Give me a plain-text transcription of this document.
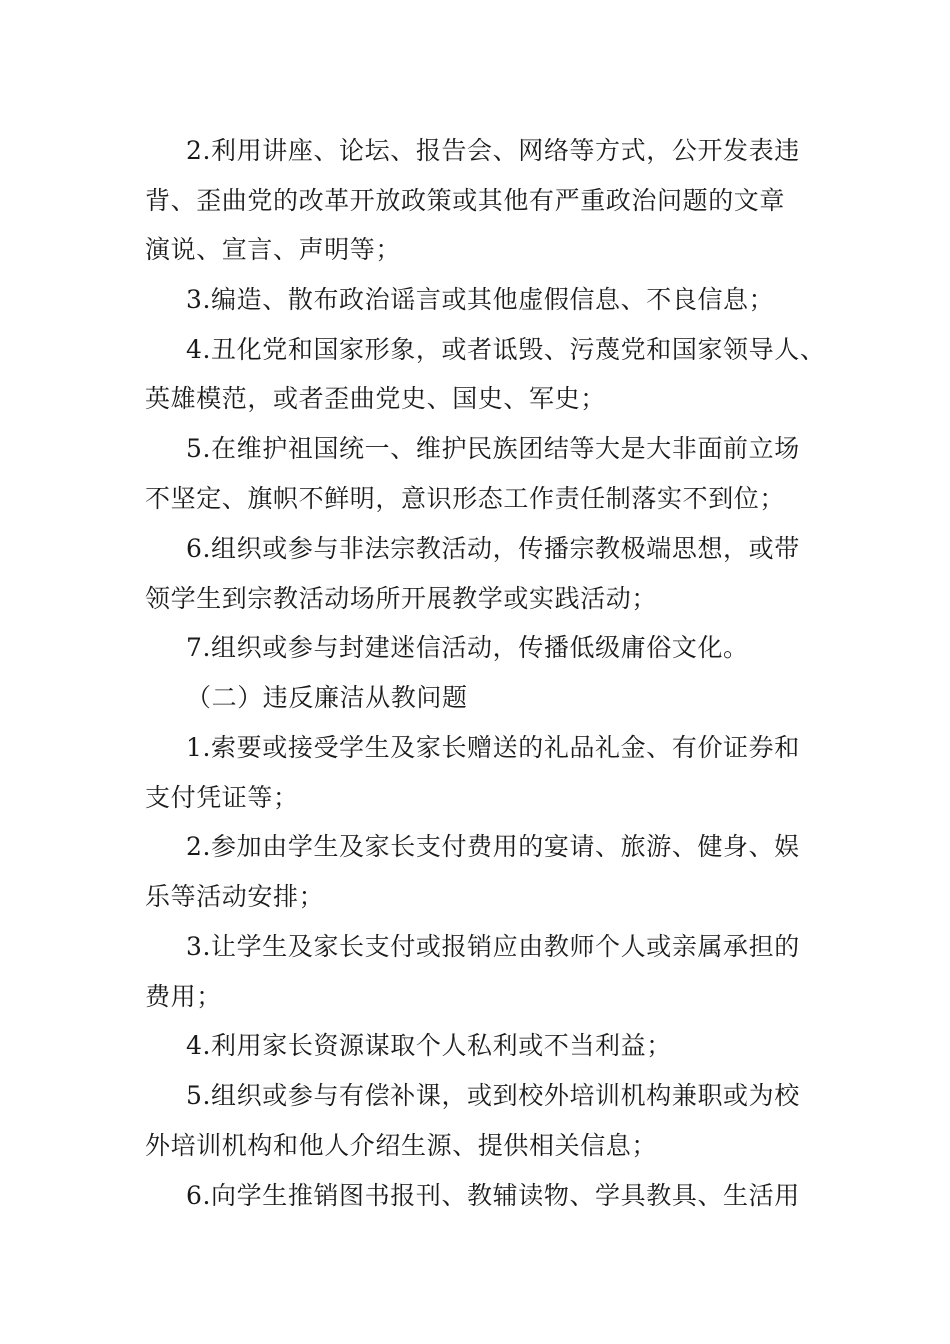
2.利用讲座、论坛、报告会、网络等方式，公开发表违
背、歪曲党的改革开放政策或其他有严重政治问题的文章
演说、宣言、声明等；
3.编造、散布政治谣言或其他虚假信息、不良信息；
4.丑化党和国家形象，或者诋毁、污蔑党和国家领导人、
英雄模范，或者歪曲党史、国史、军史；
5.在维护祖国统一、维护民族团结等大是大非面前立场
不坚定、旗帜不鲜明，意识形态工作责任制落实不到位；
6.组织或参与非法宗教活动，传播宗教极端思想，或带
领学生到宗教活动场所开展教学或实践活动；
7.组织或参与封建迷信活动，传播低级庸俗文化。
（二）违反廉洁从教问题
1.索要或接受学生及家长赠送的礼品礼金、有价证券和
支付凭证等；
2.参加由学生及家长支付费用的宴请、旅游、健身、娱
乐等活动安排；
3.让学生及家长支付或报销应由教师个人或亲属承担的
费用；
4.利用家长资源谋取个人私利或不当利益；
5.组织或参与有偿补课，或到校外培训机构兼职或为校
外培训机构和他人介绍生源、提供相关信息；
6.向学生推销图书报刊、教辅读物、学具教具、生活用
